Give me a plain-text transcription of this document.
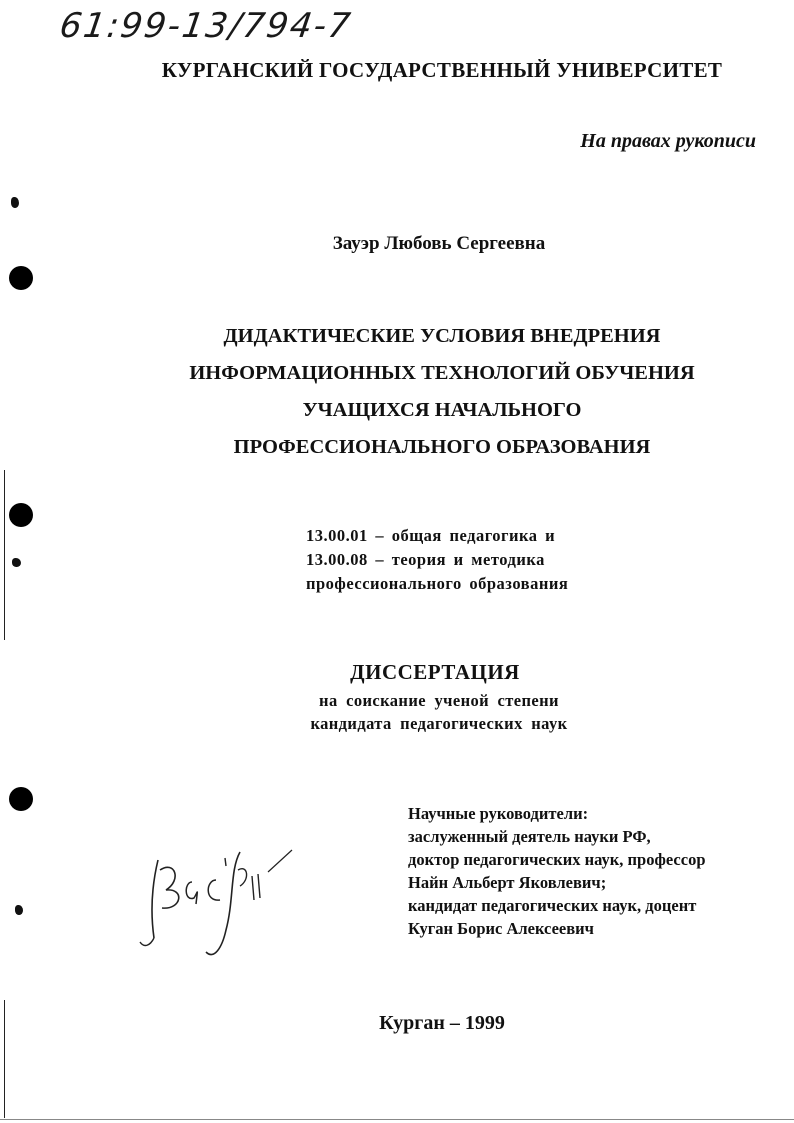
61:99-13/794-7
КУРГАНСКИЙ ГОСУДАРСТВЕННЫЙ УНИВЕРСИТЕТ
На правах рукописи
Зауэр Любовь Сергеевна
ДИДАКТИЧЕСКИЕ УСЛОВИЯ ВНЕДРЕНИЯ
ИНФОРМАЦИОННЫХ ТЕХНОЛОГИЙ ОБУЧЕНИЯ
УЧАЩИХСЯ НАЧАЛЬНОГО
ПРОФЕССИОНАЛЬНОГО ОБРАЗОВАНИЯ
13.00.01 – общая педагогика и
13.00.08 – теория и методика
профессионального образования
ДИССЕРТАЦИЯ
на соискание ученой степени
кандидата педагогических наук
Научные руководители:
заслуженный деятель науки РФ,
доктор педагогических наук, профессор
Найн Альберт Яковлевич;
кандидат педагогических наук, доцент
Куган Борис Алексеевич
Курган – 1999
